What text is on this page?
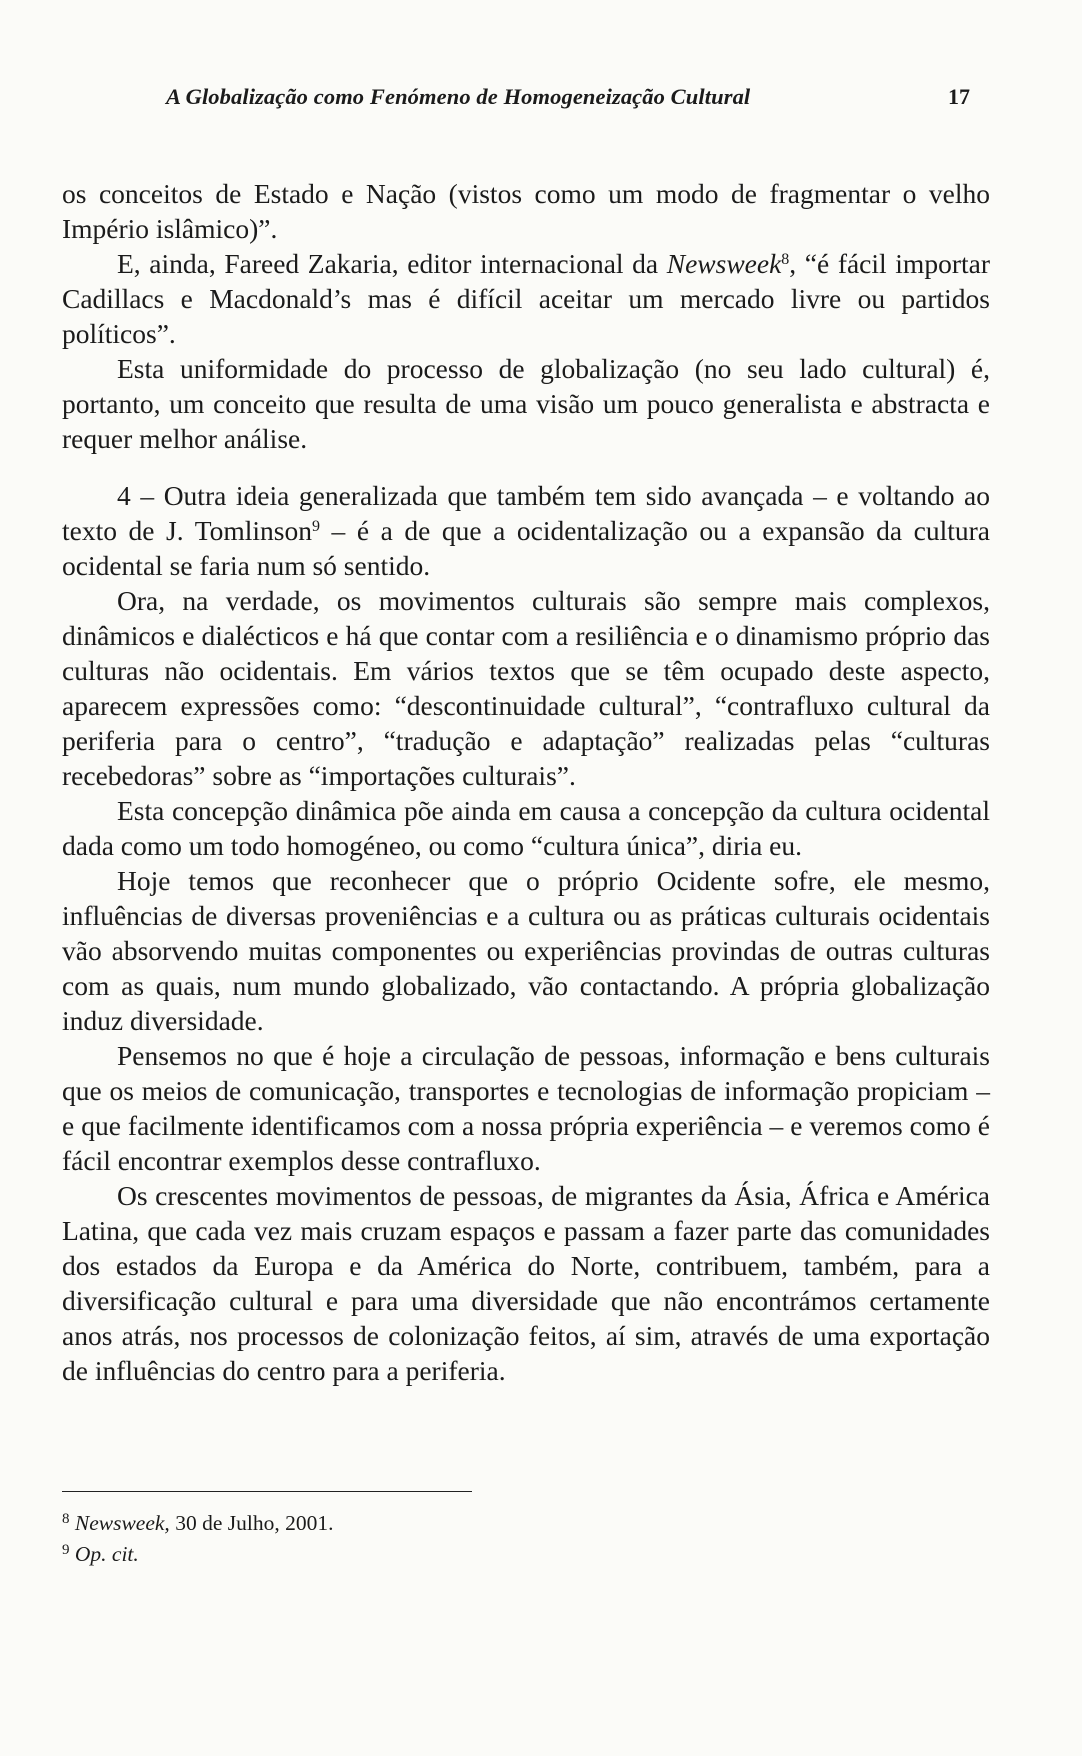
A Globalização como Fenómeno de Homogeneização Cultural	17

os conceitos de Estado e Nação (vistos como um modo de fragmentar o velho Império islâmico)”.

E, ainda, Fareed Zakaria, editor internacional da Newsweek$^8$, “é fácil importar Cadillacs e Macdonald’s mas é difícil aceitar um mercado livre ou partidos políticos”.

Esta uniformidade do processo de globalização (no seu lado cultural) é, portanto, um conceito que resulta de uma visão um pouco generalista e abstracta e requer melhor análise.

4 – Outra ideia generalizada que também tem sido avançada – e voltando ao texto de J. Tomlinson$^9$ – é a de que a ocidentalização ou a expansão da cultura ocidental se faria num só sentido.

Ora, na verdade, os movimentos culturais são sempre mais complexos, dinâmicos e dialécticos e há que contar com a resiliência e o dinamismo próprio das culturas não ocidentais. Em vários textos que se têm ocupado deste aspecto, aparecem expressões como: “descontinuidade cultural”, “contrafluxo cultural da periferia para o centro”, “tradução e adaptação” realizadas pelas “culturas recebedoras” sobre as “importações culturais”.

Esta concepção dinâmica põe ainda em causa a concepção da cultura ocidental dada como um todo homogéneo, ou como “cultura única”, diria eu.

Hoje temos que reconhecer que o próprio Ocidente sofre, ele mesmo, influências de diversas proveniências e a cultura ou as práticas culturais ocidentais vão absorvendo muitas componentes ou experiências provindas de outras culturas com as quais, num mundo globalizado, vão contactando. A própria globalização induz diversidade.

Pensemos no que é hoje a circulação de pessoas, informação e bens culturais que os meios de comunicação, transportes e tecnologias de informação propiciam – e que facilmente identificamos com a nossa própria experiência – e veremos como é fácil encontrar exemplos desse contrafluxo.

Os crescentes movimentos de pessoas, de migrantes da Ásia, África e América Latina, que cada vez mais cruzam espaços e passam a fazer parte das comunidades dos estados da Europa e da América do Norte, contribuem, também, para a diversificação cultural e para uma diversidade que não encontrámos certamente anos atrás, nos processos de colonização feitos, aí sim, através de uma exportação de influências do centro para a periferia.

$^8$ Newsweek, 30 de Julho, 2001.
$^9$ Op. cit.
